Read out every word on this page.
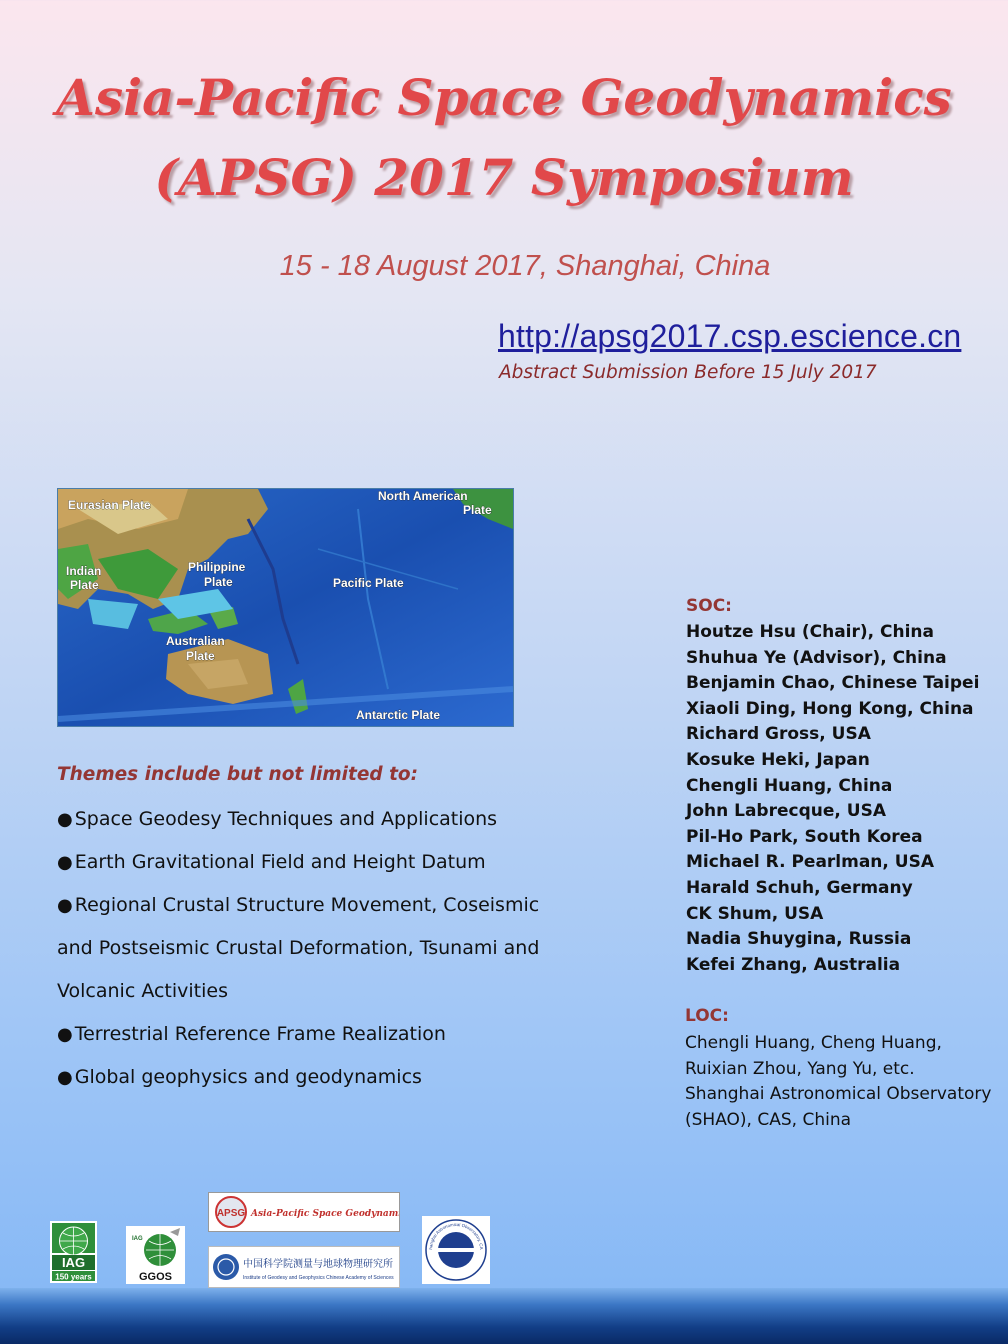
Asia-Pacific Space Geodynamics
(APSG) 2017 Symposium
15 - 18 August 2017, Shanghai, China
http://apsg2017.csp.escience.cn
Abstract Submission Before 15 July 2017
Eurasian Plate
North American
Plate
Indian
Plate
Philippine
Plate	Pacific Plate
Australian
Plate
Antarctic Plate
Themes include but not limited to:
● Space Geodesy Techniques and Applications
● Earth Gravitational Field and Height Datum
● Regional Crustal Structure Movement, Coseismic
and Postseismic Crustal Deformation, Tsunami and
Volcanic Activities
● Terrestrial Reference Frame Realization
● Global geophysics and geodynamics
SOC:
Houtze Hsu (Chair), China
Shuhua Ye (Advisor), China
Benjamin Chao, Chinese Taipei
Xiaoli Ding, Hong Kong, China
Richard Gross, USA
Kosuke Heki, Japan
Chengli Huang, China
John Labrecque, USA
Pil-Ho Park, South Korea
Michael R. Pearlman, USA
Harald Schuh, Germany
CK Shum, USA
Nadia Shuygina, Russia
Kefei Zhang, Australia
LOC:
Chengli Huang, Cheng Huang,
Ruixian Zhou, Yang Yu, etc.
Shanghai Astronomical Observatory
(SHAO), CAS, China
IAG
150 years
IAG
GGOS
APSG Asia-Pacific Space Geodynamics
中国科学院测量与地球物理研究所
Institute of Geodesy and Geophysics Chinese Academy of Sciences
hanghai Astronomical Observatory, CA
